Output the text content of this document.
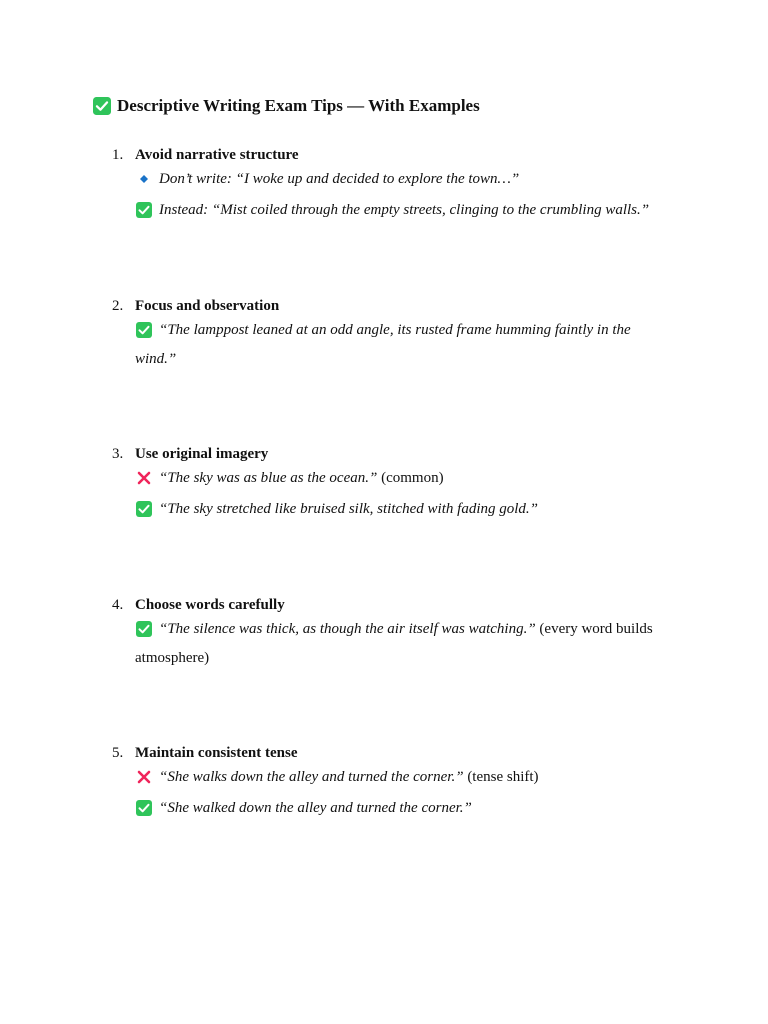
Descriptive Writing Exam Tips — With Examples
1. Avoid narrative structure
Don’t write: “I woke up and decided to explore the town…”
Instead: “Mist coiled through the empty streets, clinging to the crumbling walls.”
2. Focus and observation
“The lamppost leaned at an odd angle, its rusted frame humming faintly in the wind.”
3. Use original imagery
“The sky was as blue as the ocean.” (common)
“The sky stretched like bruised silk, stitched with fading gold.”
4. Choose words carefully
“The silence was thick, as though the air itself was watching.” (every word builds atmosphere)
5. Maintain consistent tense
“She walks down the alley and turned the corner.” (tense shift)
“She walked down the alley and turned the corner.”
